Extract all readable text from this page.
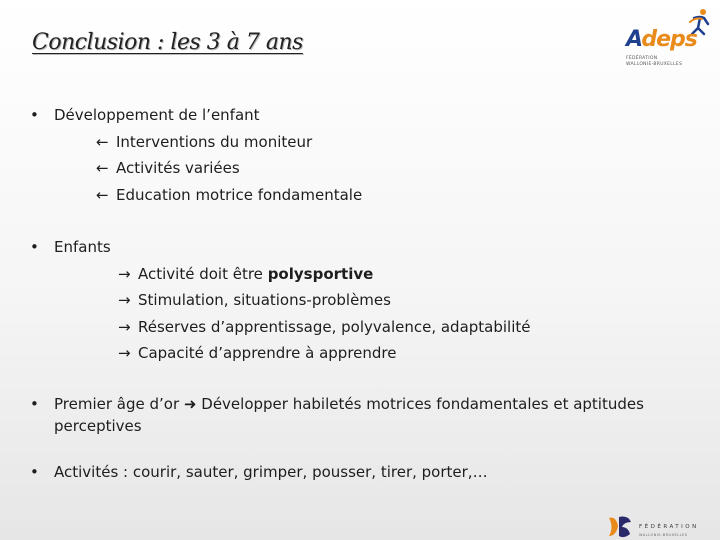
Conclusion : les 3 à 7 ans	Adeps
FÉDÉRATION
WALLONIE-BRUXELLES
• Développement de l’enfant
← Interventions du moniteur
← Activités variées
← Education motrice fondamentale
• Enfants
→ Activité doit être polysportive
→ Stimulation, situations-problèmes
→ Réserves d’apprentissage, polyvalence, adaptabilité
→ Capacité d’apprendre à apprendre
• Premier âge d’or ➜ Développer habiletés motrices fondamentales et aptitudes perceptives
• Activités : courir, sauter, grimper, pousser, tirer, porter,…
FÉDÉRATION
WALLONIE-BRUXELLES
